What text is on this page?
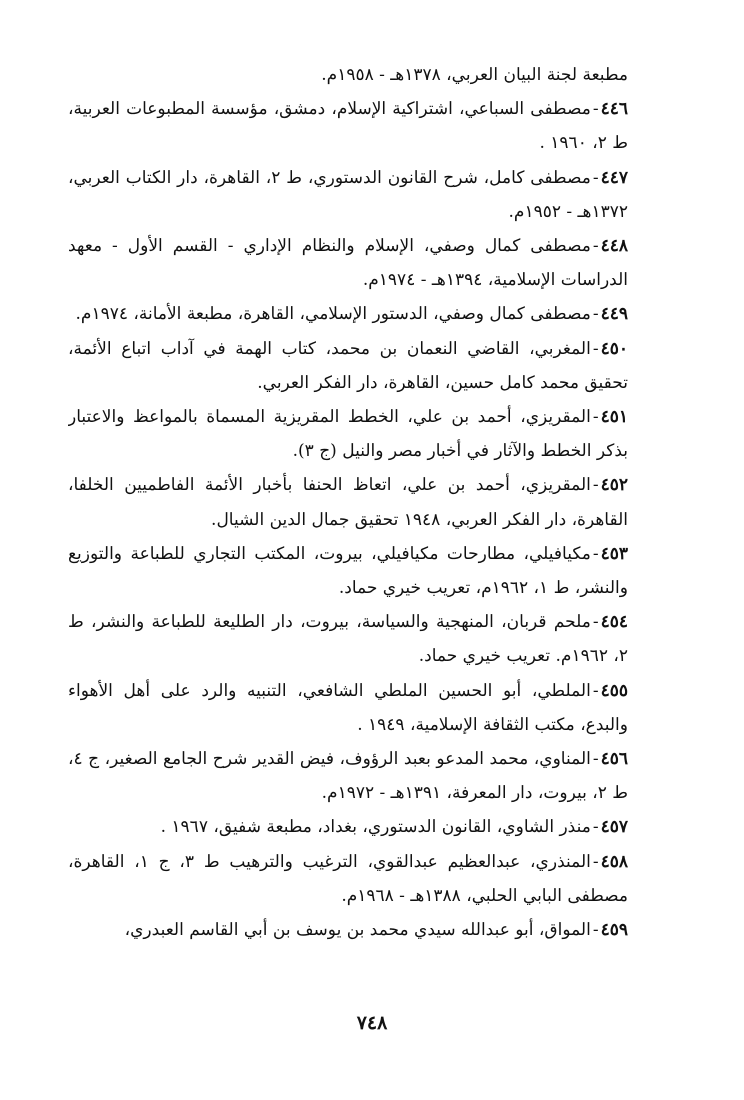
مطبعة لجنة البيان العربي، ١٣٧٨هـ - ١٩٥٨م.
٤٤٦-مصطفى السباعي، اشتراكية الإسلام، دمشق، مؤسسة المطبوعات العربية، ط ٢، ١٩٦٠ .
٤٤٧-مصطفى كامل، شرح القانون الدستوري، ط ٢، القاهرة، دار الكتاب العربي، ١٣٧٢هـ - ١٩٥٢م.
٤٤٨-مصطفى كمال وصفي، الإسلام والنظام الإداري - القسم الأول - معهد الدراسات الإسلامية، ١٣٩٤هـ - ١٩٧٤م.
٤٤٩-مصطفى كمال وصفي، الدستور الإسلامي، القاهرة، مطبعة الأمانة، ١٩٧٤م.
٤٥٠-المغربي، القاضي النعمان بن محمد، كتاب الهمة في آداب اتباع الأئمة، تحقيق محمد كامل حسين، القاهرة، دار الفكر العربي.
٤٥١-المقريزي، أحمد بن علي، الخطط المقريزية المسماة بالمواعظ والاعتبار بذكر الخطط والآثار في أخبار مصر والنيل (ج ٣).
٤٥٢-المقريزي، أحمد بن علي، اتعاظ الحنفا بأخبار الأئمة الفاطميين الخلفا، القاهرة، دار الفكر العربي، ١٩٤٨ تحقيق جمال الدين الشيال.
٤٥٣-مكيافيلي، مطارحات مكيافيلي، بيروت، المكتب التجاري للطباعة والتوزيع والنشر، ط ١، ١٩٦٢م، تعريب خيري حماد.
٤٥٤-ملحم قربان، المنهجية والسياسة، بيروت، دار الطليعة للطباعة والنشر، ط ٢، ١٩٦٢م. تعريب خيري حماد.
٤٥٥-الملطي، أبو الحسين الملطي الشافعي، التنبيه والرد على أهل الأهواء والبدع، مكتب الثقافة الإسلامية، ١٩٤٩ .
٤٥٦-المناوي، محمد المدعو بعبد الرؤوف، فيض القدير شرح الجامع الصغير، ج ٤، ط ٢، بيروت، دار المعرفة، ١٣٩١هـ - ١٩٧٢م.
٤٥٧-منذر الشاوي، القانون الدستوري، بغداد، مطبعة شفيق، ١٩٦٧ .
٤٥٨-المنذري، عبدالعظيم عبدالقوي، الترغيب والترهيب ط ٣، ج ١، القاهرة، مصطفى البابي الحلبي، ١٣٨٨هـ - ١٩٦٨م.
٤٥٩-المواق، أبو عبدالله سيدي محمد بن يوسف بن أبي القاسم العبدري،
٧٤٨
